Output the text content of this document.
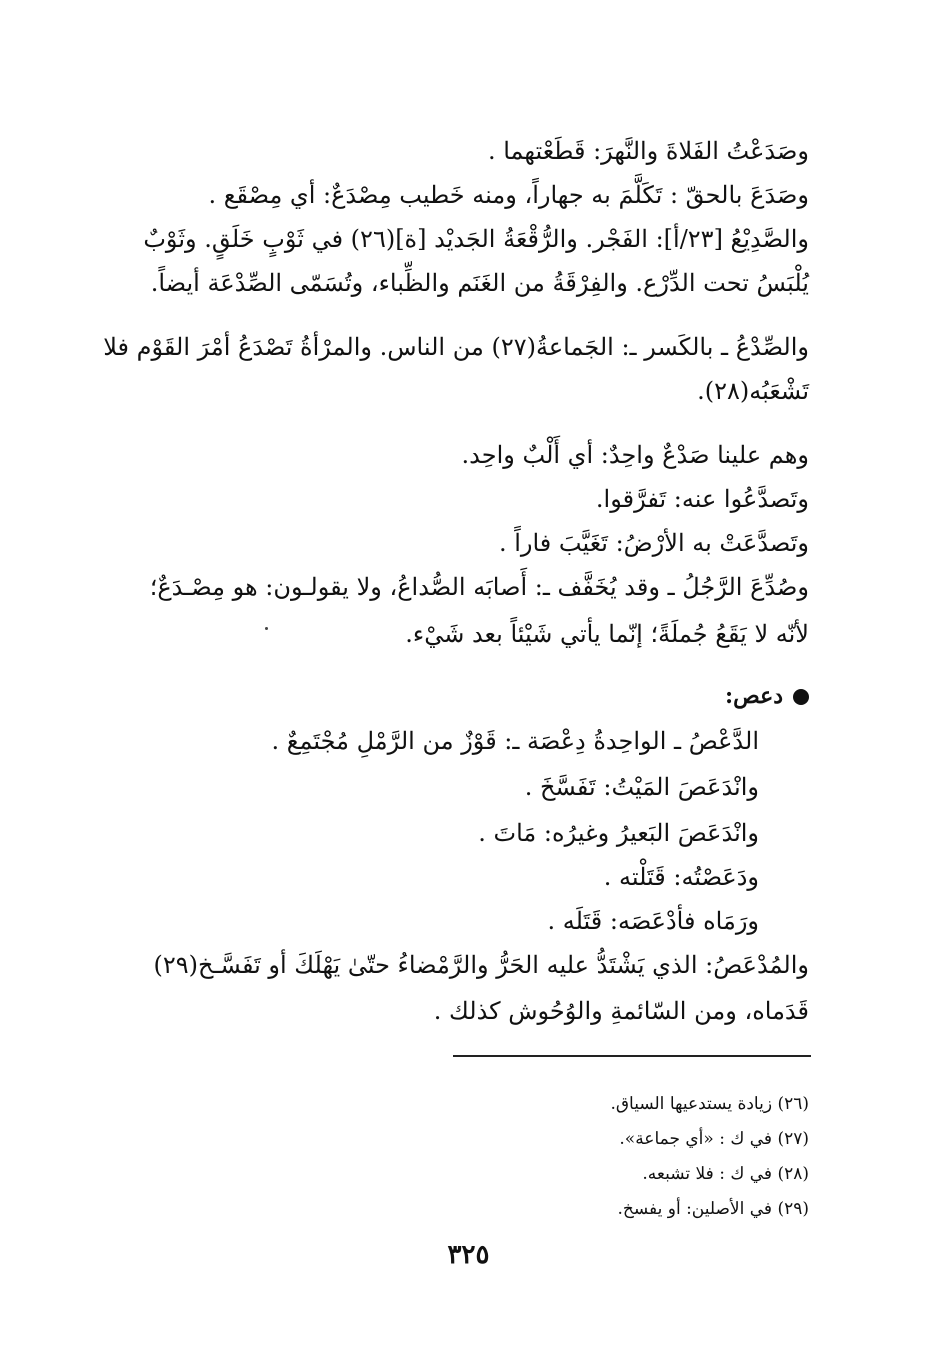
وصَدَعْتُ الفَلاةَ والنَّهرَ: قَطَعْتهما .

وصَدَعَ بالحقّ : تَكَلَّمَ به جهاراً، ومنه خَطيب مِصْدَعٌ: أي مِصْقَع .

والصَّدِيْعُ [٢٣/أ]: الفَجْر. والرُّقْعَةُ الجَديْد [ة](٢٦) في ثَوْبٍ خَلَقٍ. وثَوْبٌ

يُلْبَسُ تحت الدِّرْع. والفِرْقَةُ من الغَنَم والظِّباء، وتُسَمّى الصِّدْعَة أيضاً.

والصِّدْعُ ـ بالكَسر ـ: الجَماعةُ(٢٧) من الناس. والمرْأةُ تَصْدَعُ أمْرَ القَوْم فلا

تَشْعَبُه(٢٨).

وهم علينا صَدْعٌ واحِدٌ: أي أَلْبٌ واحِد.

وتَصدَّعُوا عنه: تَفرَّقوا.

وتَصدَّعَتْ به الأرْضُ: تَغَيَّبَ فاراً .

وصُدِّعَ الرَّجُلُ ـ وقد يُخَفَّف ـ: أَصابَه الصُّداعُ، ولا يقولـون: هو مِصْـدَعٌ؛

لأنّه لا يَقَعُ جُملَةً؛ إنّما يأتي شَيْئاً بعد شَيْء.

دعص:

الدَّعْصُ ـ الواحِدةُ دِعْصَة ـ: قَوْزٌ من الرَّمْلِ مُجْتَمِعٌ .

وانْدَعَصَ المَيْتُ: تَفَسَّخَ .

وانْدَعَصَ البَعيرُ وغيرُه: مَاتَ .

ودَعَصْتُه: قَتَلْته .

ورَمَاه فأدْعَصَه: قَتَلَه .

والمُدْعَصُ: الذي يَشْتَدُّ عليه الحَرُّ والرَّمْضاءُ حتّىٰ يَهْلَكَ أو تَفَسَّـخ(٢٩)

قَدَماه، ومن السّائمةِ والوُحُوش كذلك .

(٢٦) زيادة يستدعيها السياق.

(٢٧) في ك : «أي جماعة».

(٢٨) في ك : فلا تشبعه.

(٢٩) في الأصلين: أو يفسخ.

٣٢٥
